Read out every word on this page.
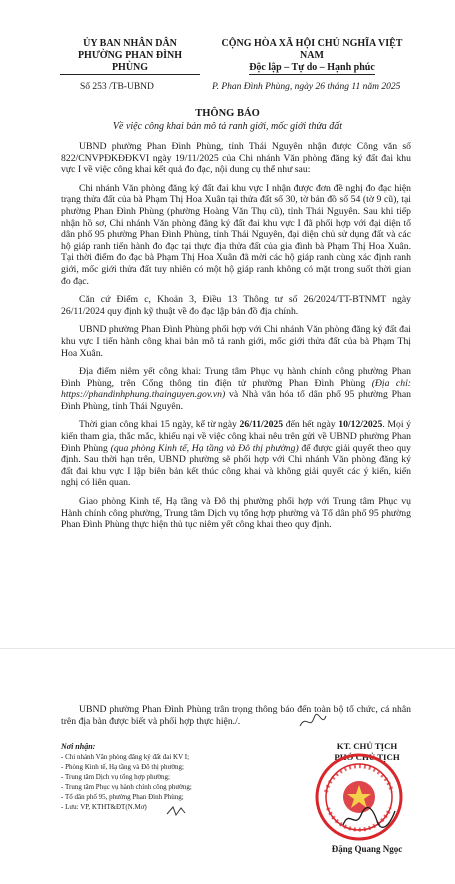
ỦY BAN NHÂN DÂN
PHƯỜNG PHAN ĐÌNH PHÙNG
CỘNG HÒA XÃ HỘI CHỦ NGHĨA VIỆT NAM
Độc lập – Tự do – Hạnh phúc
Số 253 /TB-UBND	P. Phan Đình Phùng, ngày 26 tháng 11 năm 2025
THÔNG BÁO
Về việc công khai bản mô tả ranh giới, mốc giới thửa đất

UBND phường Phan Đình Phùng, tỉnh Thái Nguyên nhận được Công văn số 822/CNVPĐKĐĐKVI ngày 19/11/2025 của Chi nhánh Văn phòng đăng ký đất đai khu vực I về việc công khai kết quả đo đạc, nội dung cụ thể như sau:

Chi nhánh Văn phòng đăng ký đất đai khu vực I nhận được đơn đề nghị đo đạc hiện trạng thửa đất của bà Phạm Thị Hoa Xuân tại thửa đất số 30, tờ bản đồ số 54 (tờ 9 cũ), tại phường Phan Đình Phùng (phường Hoàng Văn Thụ cũ), tỉnh Thái Nguyên. Sau khi tiếp nhận hồ sơ, Chi nhánh Văn phòng đăng ký đất đai khu vực I đã phối hợp với đại diện tổ dân phố 95 phường Phan Đình Phùng, tỉnh Thái Nguyên, đại diện chủ sử dụng đất và các hộ giáp ranh tiến hành đo đạc tại thực địa thửa đất của gia đình bà Phạm Thị Hoa Xuân. Tại thời điểm đo đạc bà Phạm Thị Hoa Xuân đã mời các hộ giáp ranh cùng xác định ranh giới, mốc giới thửa đất tuy nhiên có một hộ giáp ranh không có mặt trong suốt thời gian đo đạc.

Căn cứ Điểm c, Khoản 3, Điều 13 Thông tư số 26/2024/TT-BTNMT ngày 26/11/2024 quy định kỹ thuật về đo đạc lập bản đồ địa chính.

UBND phường Phan Đình Phùng phối hợp với Chi nhánh Văn phòng đăng ký đất đai khu vực I tiến hành công khai bản mô tả ranh giới, mốc giới thửa đất của bà Phạm Thị Hoa Xuân.

Địa điểm niêm yết công khai: Trung tâm Phục vụ hành chính công phường Phan Đình Phùng, trên Cổng thông tin điện tử phường Phan Đình Phùng (Địa chỉ: https://phandinhphung.thainguyen.gov.vn) và Nhà văn hóa tổ dân phố 95 phường Phan Đình Phùng, tỉnh Thái Nguyên.

Thời gian công khai 15 ngày, kể từ ngày 26/11/2025 đến hết ngày 10/12/2025. Mọi ý kiến tham gia, thắc mắc, khiếu nại về việc công khai nêu trên gửi về UBND phường Phan Đình Phùng (qua phòng Kinh tế, Hạ tầng và Đô thị phường) để được giải quyết theo quy định. Sau thời hạn trên, UBND phường sẽ phối hợp với Chi nhánh Văn phòng đăng ký đất đai khu vực I lập biên bản kết thúc công khai và không giải quyết các ý kiến, kiến nghị có liên quan.

Giao phòng Kinh tế, Hạ tầng và Đô thị phường phối hợp với Trung tâm Phục vụ Hành chính công phường, Trung tâm Dịch vụ tổng hợp phường và Tổ dân phố 95 phường Phan Đình Phùng thực hiện thủ tục niêm yết công khai theo quy định.

UBND phường Phan Đình Phùng trân trọng thông báo đến toàn bộ tổ chức, cá nhân trên địa bàn được biết và phối hợp thực hiện./.
Nơi nhận:
- Chi nhánh Văn phòng đăng ký đất đai KV I;
- Phòng Kinh tế, Hạ tầng và Đô thị phường;
- Trung tâm Dịch vụ tổng hợp phường;
- Trung tâm Phục vụ hành chính công phường;
- Tổ dân phố 95, phường Phan Đình Phùng;
- Lưu: VP, KTHT&ĐT(N.Mơ)
KT. CHỦ TỊCH
PHÓ CHỦ TỊCH
Đặng Quang Ngọc
